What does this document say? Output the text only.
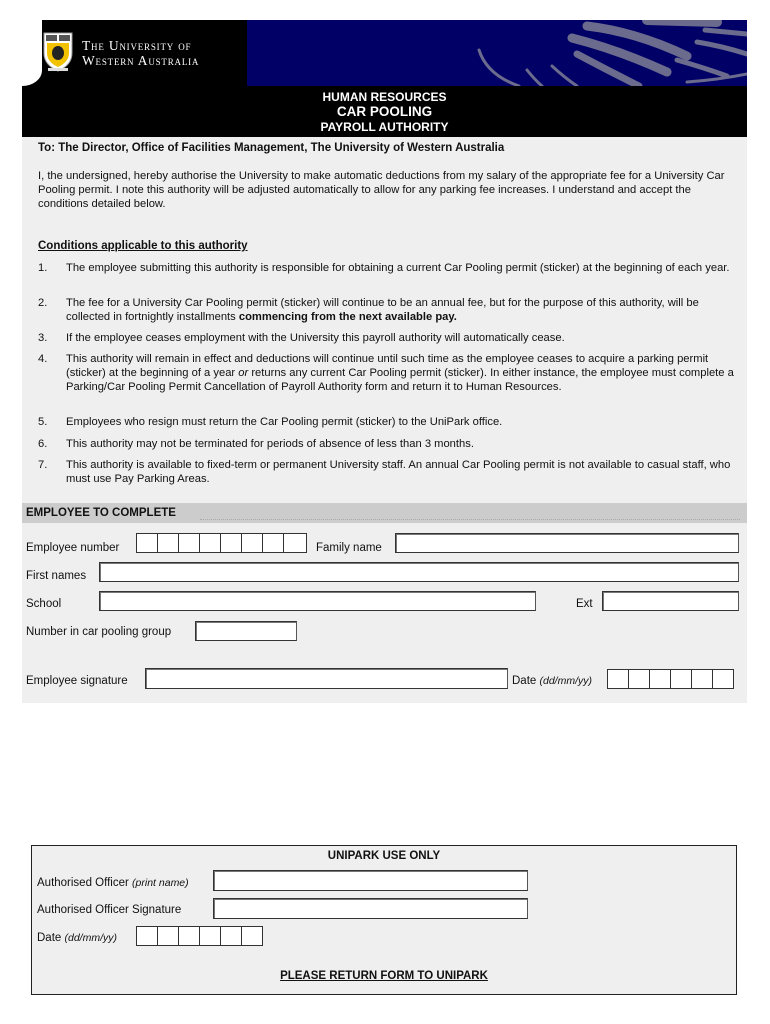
The University of
Western Australia
HUMAN RESOURCES
CAR POOLING
PAYROLL AUTHORITY
To: The Director, Office of Facilities Management, The University of Western Australia
I, the undersigned, hereby authorise the University to make automatic deductions from my salary of the appropriate fee for a University Car Pooling permit. I note this authority will be adjusted automatically to allow for any parking fee increases. I understand and accept the conditions detailed below.
Conditions applicable to this authority
1.	The employee submitting this authority is responsible for obtaining a current Car Pooling permit (sticker) at the beginning of each year.
2.	The fee for a University Car Pooling permit (sticker) will continue to be an annual fee, but for the purpose of this authority, will be collected in fortnightly installments commencing from the next available pay.
3.	If the employee ceases employment with the University this payroll authority will automatically cease.
4.	This authority will remain in effect and deductions will continue until such time as the employee ceases to acquire a parking permit (sticker) at the beginning of a year or returns any current Car Pooling permit (sticker). In either instance, the employee must complete a Parking/Car Pooling Permit Cancellation of Payroll Authority form and return it to Human Resources.
5.	Employees who resign must return the Car Pooling permit (sticker) to the UniPark office.
6.	This authority may not be terminated for periods of absence of less than 3 months.
7.	This authority is available to fixed-term or permanent University staff. An annual Car Pooling permit is not available to casual staff, who must use Pay Parking Areas.
EMPLOYEE TO COMPLETE
Employee number	Family name
First names
School	Ext
Number in car pooling group
Employee signature	Date (dd/mm/yy)
UNIPARK USE ONLY
Authorised Officer (print name)
Authorised Officer Signature
Date (dd/mm/yy)
PLEASE RETURN FORM TO UNIPARK
